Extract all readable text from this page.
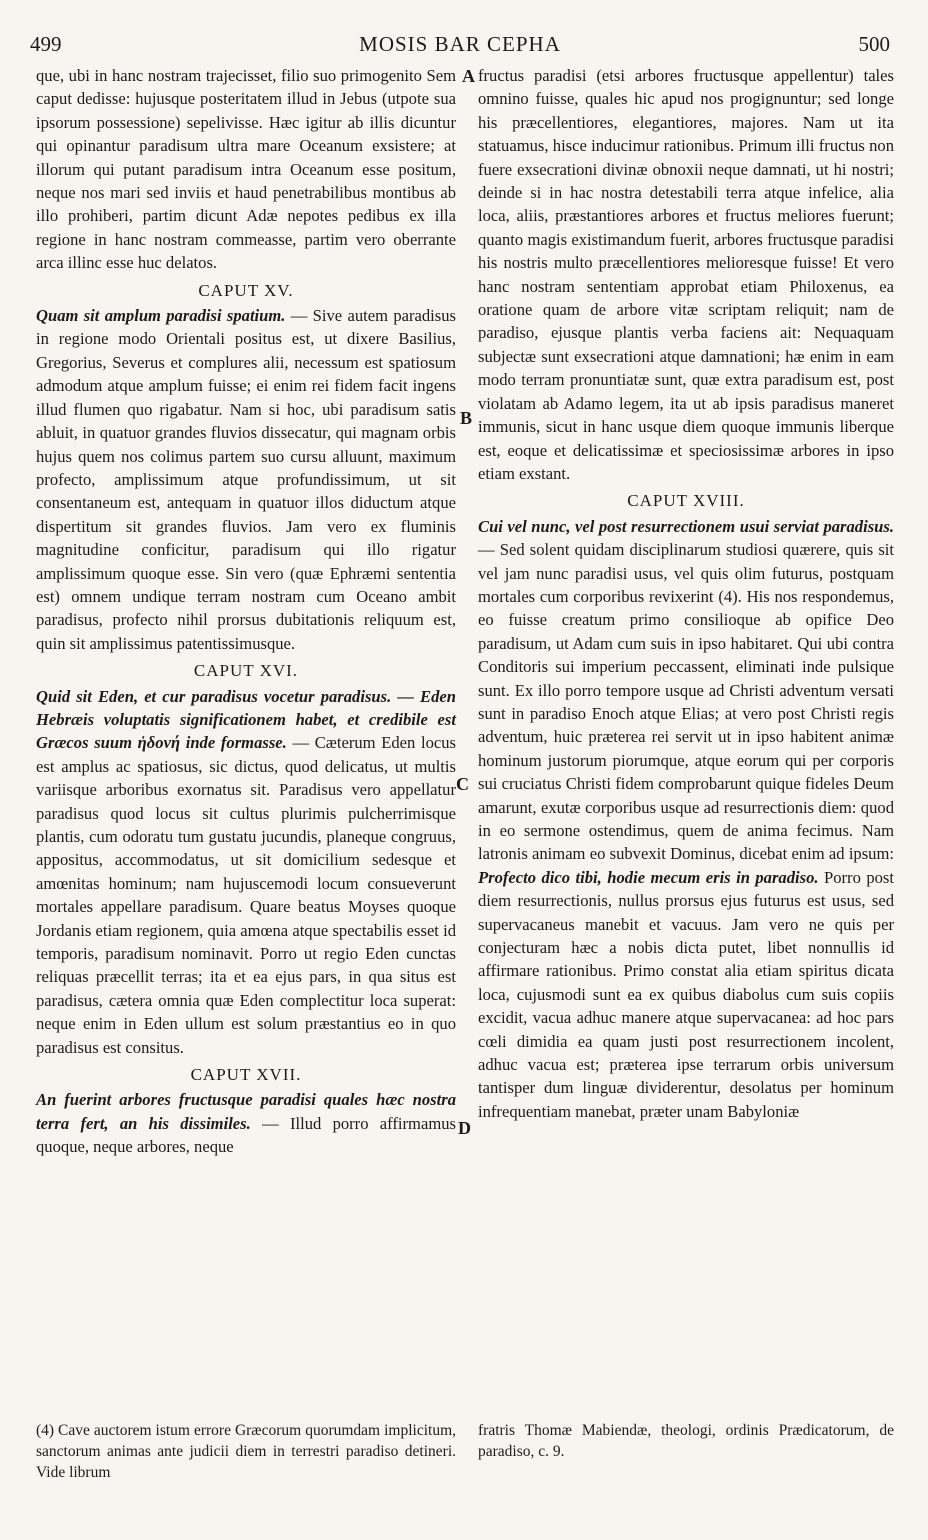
499	MOSIS BAR CEPHA	500
A
B
C
D

que, ubi in hanc nostram trajecisset, filio suo primogenito Sem caput dedisse: hujusque posteritatem illud in Jebus (utpote sua ipsorum possessione) sepelivisse. Hæc igitur ab illis dicuntur qui opinantur paradisum ultra mare Oceanum exsistere; at illorum qui putant paradisum intra Oceanum esse positum, neque nos mari sed inviis et haud penetrabilibus montibus ab illo prohiberi, partim dicunt Adæ nepotes pedibus ex illa regione in hanc nostram commeasse, partim vero oberrante arca illinc esse huc delatos.

CAPUT XV.

Quam sit amplum paradisi spatium. — Sive autem paradisus in regione modo Orientali positus est, ut dixere Basilius, Gregorius, Severus et complures alii, necessum est spatiosum admodum atque amplum fuisse; ei enim rei fidem facit ingens illud flumen quo rigabatur. Nam si hoc, ubi paradisum satis abluit, in quatuor grandes fluvios dissecatur, qui magnam orbis hujus quem nos colimus partem suo cursu alluunt, maximum profecto, amplissimum atque profundissimum, ut sit consentaneum est, antequam in quatuor illos diductum atque dispertitum sit grandes fluvios. Jam vero ex fluminis magnitudine conficitur, paradisum qui illo rigatur amplissimum quoque esse. Sin vero (quæ Ephræmi sententia est) omnem undique terram nostram cum Oceano ambit paradisus, profecto nihil prorsus dubitationis reliquum est, quin sit amplissimus patentissimusque.

CAPUT XVI.

Quid sit Eden, et cur paradisus vocetur paradisus. — Eden Hebræis voluptatis significationem habet, et credibile est Græcos suum ἡδονή inde formasse. — Cæterum Eden locus est amplus ac spatiosus, sic dictus, quod delicatus, ut multis variisque arboribus exornatus sit. Paradisus vero appellatur paradisus quod locus sit cultus plurimis pulcherrimisque plantis, cum odoratu tum gustatu jucundis, planeque congruus, appositus, accommodatus, ut sit domicilium sedesque et amœnitas hominum; nam hujuscemodi locum consueverunt mortales appellare paradisum. Quare beatus Moyses quoque Jordanis etiam regionem, quia amœna atque spectabilis esset id temporis, paradisum nominavit. Porro ut regio Eden cunctas reliquas præcellit terras; ita et ea ejus pars, in qua situs est paradisus, cætera omnia quæ Eden complectitur loca superat: neque enim in Eden ullum est solum præstantius eo in quo paradisus est consitus.

CAPUT XVII.

An fuerint arbores fructusque paradisi quales hæc nostra terra fert, an his dissimiles. — Illud porro affirmamus quoque, neque arbores, neque

fructus paradisi (etsi arbores fructusque appellentur) tales omnino fuisse, quales hic apud nos progignuntur; sed longe his præcellentiores, elegantiores, majores. Nam ut ita statuamus, hisce inducimur rationibus. Primum illi fructus non fuere exsecrationi divinæ obnoxii neque damnati, ut hi nostri; deinde si in hac nostra detestabili terra atque infelice, alia loca, aliis, præstantiores arbores et fructus meliores fuerunt; quanto magis existimandum fuerit, arbores fructusque paradisi his nostris multo præcellentiores melioresque fuisse! Et vero hanc nostram sententiam approbat etiam Philoxenus, ea oratione quam de arbore vitæ scriptam reliquit; nam de paradiso, ejusque plantis verba faciens ait: Nequaquam subjectæ sunt exsecrationi atque damnationi; hæ enim in eam modo terram pronuntiatæ sunt, quæ extra paradisum est, post violatam ab Adamo legem, ita ut ab ipsis paradisus maneret immunis, sicut in hanc usque diem quoque immunis liberque est, eoque et delicatissimæ et speciosissimæ arbores in ipso etiam exstant.

CAPUT XVIII.

Cui vel nunc, vel post resurrectionem usui serviat paradisus. — Sed solent quidam disciplinarum studiosi quærere, quis sit vel jam nunc paradisi usus, vel quis olim futurus, postquam mortales cum corporibus revixerint (4). His nos respondemus, eo fuisse creatum primo consilioque ab opifice Deo paradisum, ut Adam cum suis in ipso habitaret. Qui ubi contra Conditoris sui imperium peccassent, eliminati inde pulsique sunt. Ex illo porro tempore usque ad Christi adventum versati sunt in paradiso Enoch atque Elias; at vero post Christi regis adventum, huic præterea rei servit ut in ipso habitent animæ hominum justorum piorumque, atque eorum qui per corporis sui cruciatus Christi fidem comprobarunt quique fideles Deum amarunt, exutæ corporibus usque ad resurrectionis diem: quod in eo sermone ostendimus, quem de anima fecimus. Nam latronis animam eo subvexit Dominus, dicebat enim ad ipsum: Profecto dico tibi, hodie mecum eris in paradiso. Porro post diem resurrectionis, nullus prorsus ejus futurus est usus, sed supervacaneus manebit et vacuus. Jam vero ne quis per conjecturam hæc a nobis dicta putet, libet nonnullis id affirmare rationibus. Primo constat alia etiam spiritus dicata loca, cujusmodi sunt ea ex quibus diabolus cum suis copiis excidit, vacua adhuc manere atque supervacanea: ad hoc pars cœli dimidia ea quam justi post resurrectionem incolent, adhuc vacua est; præterea ipse terrarum orbis universum tantisper dum linguæ dividerentur, desolatus per hominum infrequentiam manebat, præter unam Babyloniæ

(4) Cave auctorem istum errore Græcorum quorumdam implicitum, sanctorum animas ante judicii diem in terrestri paradiso detineri. Vide librum
fratris Thomæ Mabiendæ, theologi, ordinis Prædicatorum, de paradiso, c. 9.
